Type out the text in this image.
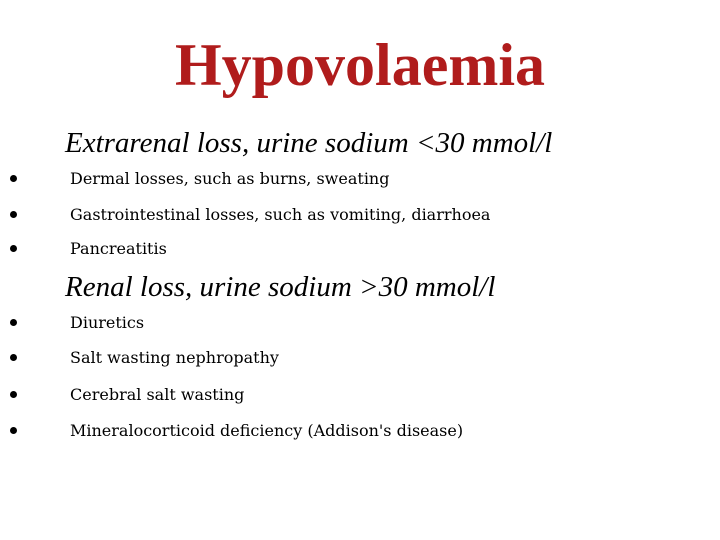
Hypovolaemia
Extrarenal loss, urine sodium <30 mmol/l
Dermal losses, such as burns, sweating
Gastrointestinal losses, such as vomiting, diarrhoea
Pancreatitis
Renal loss, urine sodium >30 mmol/l
Diuretics
Salt wasting nephropathy
Cerebral salt wasting
Mineralocorticoid deficiency (Addison's disease)
